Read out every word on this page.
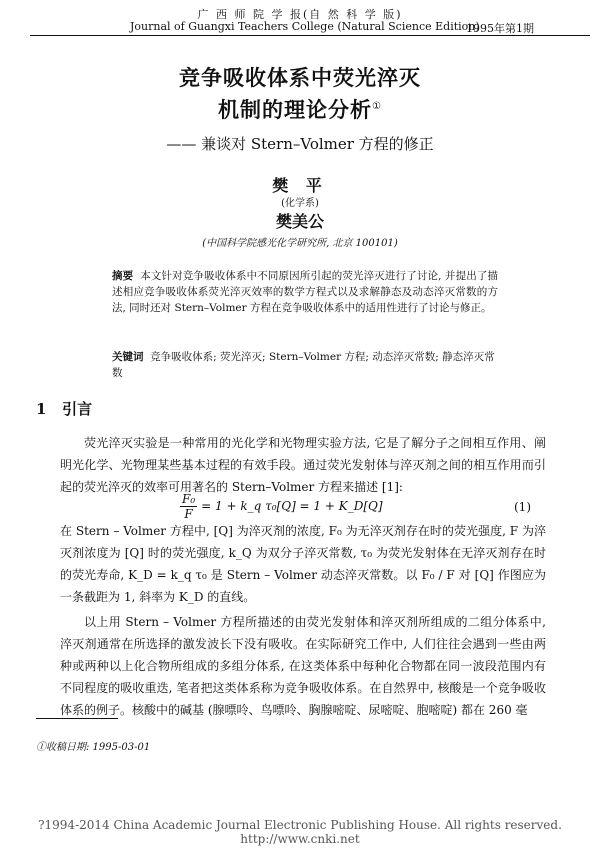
广 西 师 院 学 报(自 然 科 学 版)
Journal of Guangxi Teachers College (Natural Science Edition)
1995年第1期
竞争吸收体系中荧光淬灭
机制的理论分析①
—— 兼谈对 Stern–Volmer 方程的修正
樊 平
(化学系)
樊美公
(中国科学院感光化学研究所, 北京 100101)
摘要 本文针对竞争吸收体系中不同原因所引起的荧光淬灭进行了讨论, 并提出了描述相应竞争吸收体系荧光淬灭效率的数学方程式以及求解静态及动态淬灭常数的方法, 同时还对 Stern–Volmer 方程在竞争吸收体系中的适用性进行了讨论与修正。
关键词 竞争吸收体系; 荧光淬灭; Stern–Volmer 方程; 动态淬灭常数; 静态淬灭常数
1 引言

荧光淬灭实验是一种常用的光化学和光物理实验方法, 它是了解分子之间相互作用、阐明光化学、光物理某些基本过程的有效手段。通过荧光发射体与淬灭剂之间的相互作用而引起的荧光淬灭的效率可用著名的 Stern–Volmer 方程来描述 [1]:

$\frac{\text{F₀}}{F} = 1$ + k_q τ₀[Q] = 1 + K_D[Q]	(1)

在 Stern – Volmer 方程中, [Q] 为淬灭剂的浓度, F₀ 为无淬灭剂存在时的荧光强度, F 为淬灭剂浓度为 [Q] 时的荧光强度, k_Q 为双分子淬灭常数, τ₀ 为荧光发射体在无淬灭剂存在时的荧光寿命, K_D = k_q τ₀ 是 Stern – Volmer 动态淬灭常数。以 F₀ / F 对 [Q] 作图应为一条截距为 1, 斜率为 K_D 的直线。

以上用 Stern – Volmer 方程所描述的由荧光发射体和淬灭剂所组成的二组分体系中, 淬灭剂通常在所选择的激发波长下没有吸收。在实际研究工作中, 人们往往会遇到一些由两种或两种以上化合物所组成的多组分体系, 在这类体系中每种化合物都在同一波段范围内有不同程度的吸收重迭, 笔者把这类体系称为竞争吸收体系。在自然界中, 核酸是一个竞争吸收体系的例子。核酸中的碱基 (腺嘌呤、鸟嘌呤、胸腺嘧啶、尿嘧啶、胞嘧啶) 都在 260 毫

①收稿日期: 1995-03-01
?1994-2014 China Academic Journal Electronic Publishing House. All rights reserved. http://www.cnki.net
